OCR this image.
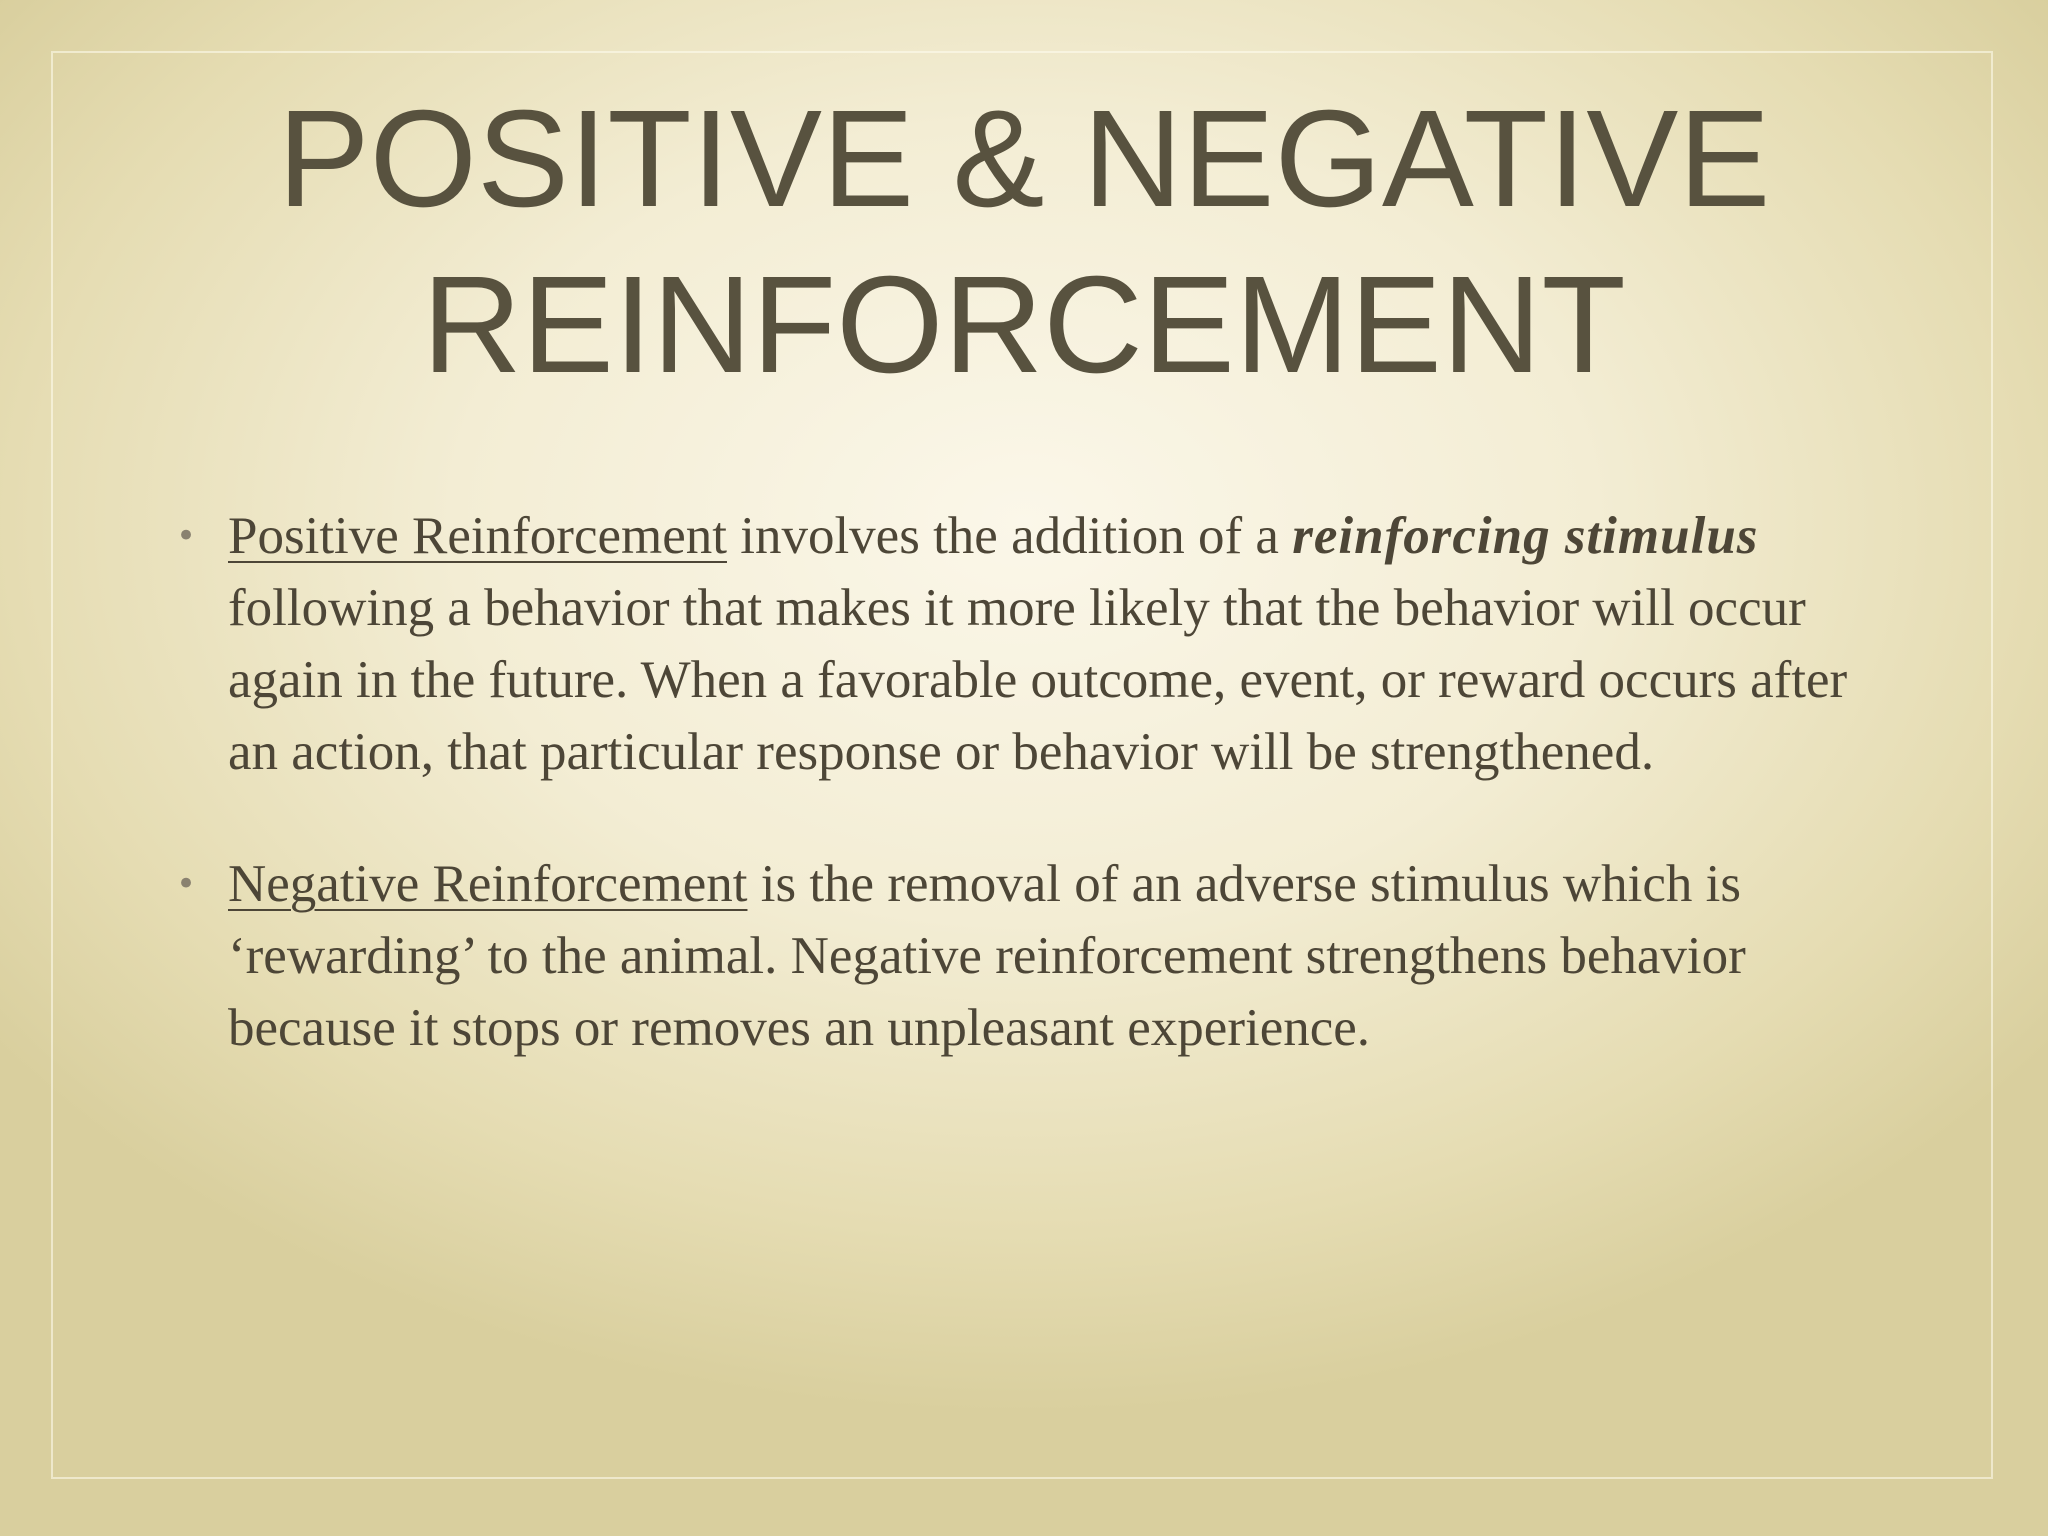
POSITIVE & NEGATIVE
REINFORCEMENT
• Positive Reinforcement involves the addition of a reinforcing stimulus following a behavior that makes it more likely that the behavior will occur again in the future. When a favorable outcome, event, or reward occurs after an action, that particular response or behavior will be strengthened.
• Negative Reinforcement is the removal of an adverse stimulus which is ‘rewarding’ to the animal. Negative reinforcement strengthens behavior because it stops or removes an unpleasant experience.
